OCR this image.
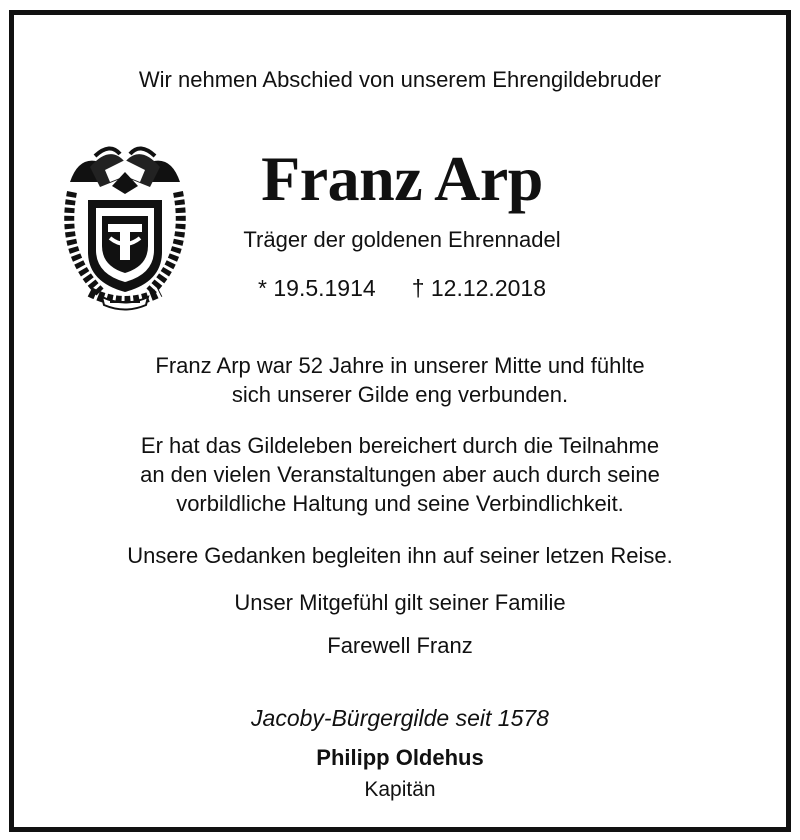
Wir nehmen Abschied von unserem Ehrengildebruder
Franz Arp
Träger der goldenen Ehrennadel
* 19.5.1914 † 12.12.2018
Franz Arp war 52 Jahre in unserer Mitte und fühlte
sich unserer Gilde eng verbunden.
Er hat das Gildeleben bereichert durch die Teilnahme
an den vielen Veranstaltungen aber auch durch seine
vorbildliche Haltung und seine Verbindlichkeit.
Unsere Gedanken begleiten ihn auf seiner letzen Reise.
Unser Mitgefühl gilt seiner Familie
Farewell Franz
Jacoby-Bürgergilde seit 1578
Philipp Oldehus
Kapitän
